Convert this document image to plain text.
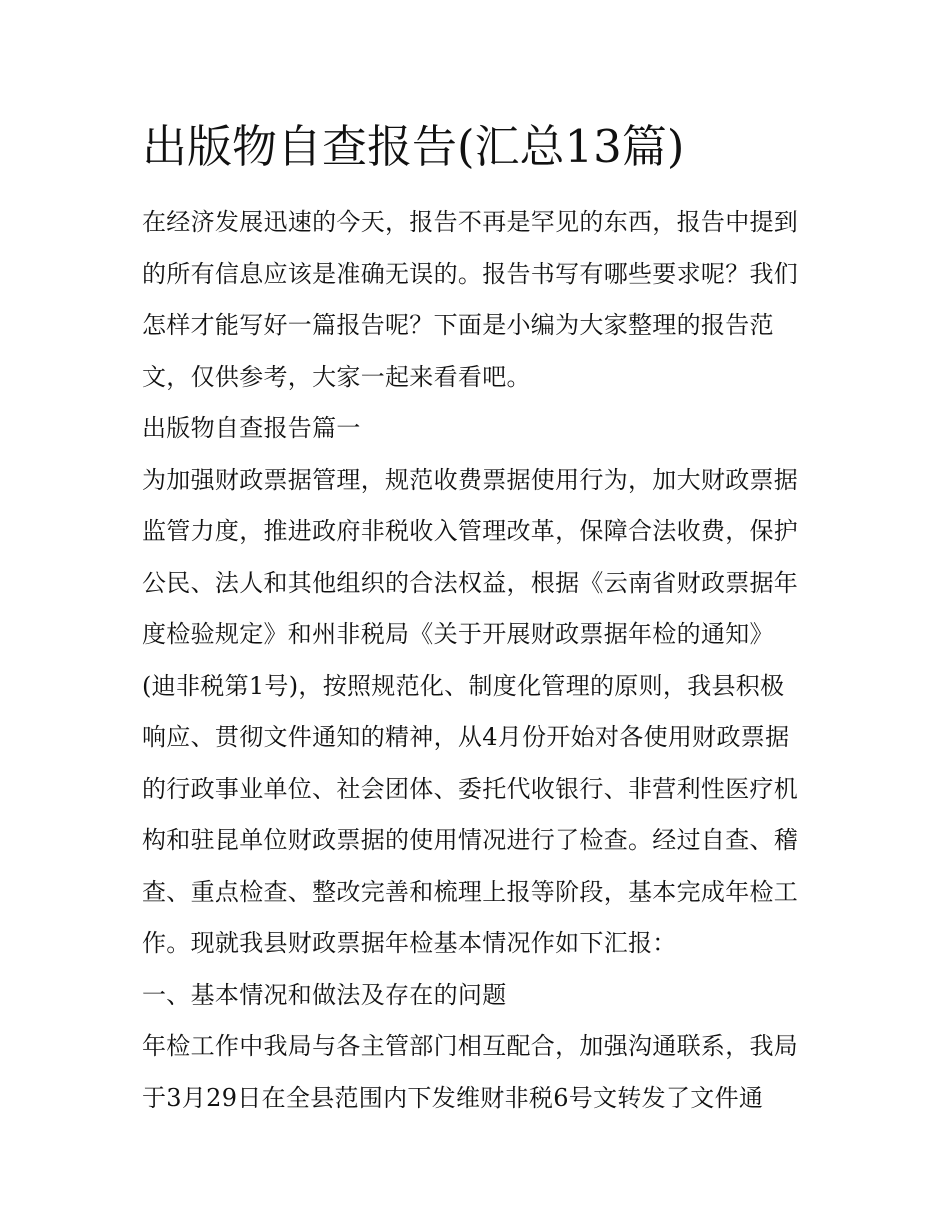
出版物自查报告(汇总13篇)
在经济发展迅速的今天，报告不再是罕见的东西，报告中提到
的所有信息应该是准确无误的。报告书写有哪些要求呢？我们
怎样才能写好一篇报告呢？下面是小编为大家整理的报告范
文，仅供参考，大家一起来看看吧。
出版物自查报告篇一
为加强财政票据管理，规范收费票据使用行为，加大财政票据
监管力度，推进政府非税收入管理改革，保障合法收费，保护
公民、法人和其他组织的合法权益，根据《云南省财政票据年
度检验规定》和州非税局《关于开展财政票据年检的通知》
(迪非税第1号)，按照规范化、制度化管理的原则，我县积极
响应、贯彻文件通知的精神，从4月份开始对各使用财政票据
的行政事业单位、社会团体、委托代收银行、非营利性医疗机
构和驻昆单位财政票据的使用情况进行了检查。经过自查、稽
查、重点检查、整改完善和梳理上报等阶段，基本完成年检工
作。现就我县财政票据年检基本情况作如下汇报：
一、基本情况和做法及存在的问题
年检工作中我局与各主管部门相互配合，加强沟通联系，我局
于3月29日在全县范围内下发维财非税6号文转发了文件通
